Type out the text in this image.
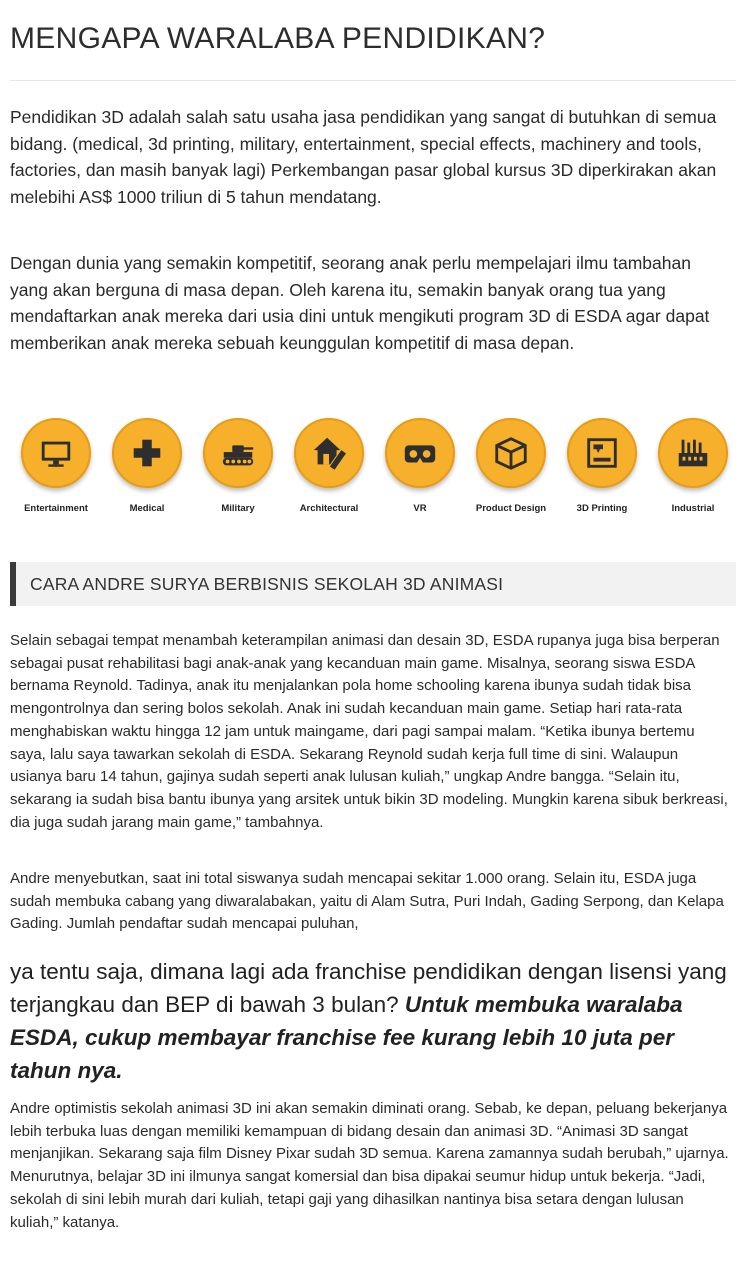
MENGAPA WARALABA PENDIDIKAN?

Pendidikan 3D adalah salah satu usaha jasa pendidikan yang sangat di butuhkan di semua bidang. (medical, 3d printing, military, entertainment, special effects, machinery and tools, factories, dan masih banyak lagi) Perkembangan pasar global kursus 3D diperkirakan akan melebihi AS$ 1000 triliun di 5 tahun mendatang.

Dengan dunia yang semakin kompetitif, seorang anak perlu mempelajari ilmu tambahan yang akan berguna di masa depan. Oleh karena itu, semakin banyak orang tua yang mendaftarkan anak mereka dari usia dini untuk mengikuti program 3D di ESDA agar dapat memberikan anak mereka sebuah keunggulan kompetitif di masa depan.

Entertainment	Medical	Military	Architectural	VR	Product Design	3D Printing	Industrial
CARA ANDRE SURYA BERBISNIS SEKOLAH 3D ANIMASI

Selain sebagai tempat menambah keterampilan animasi dan desain 3D, ESDA rupanya juga bisa berperan sebagai pusat rehabilitasi bagi anak-anak yang kecanduan main game. Misalnya, seorang siswa ESDA bernama Reynold. Tadinya, anak itu menjalankan pola home schooling karena ibunya sudah tidak bisa mengontrolnya dan sering bolos sekolah. Anak ini sudah kecanduan main game. Setiap hari rata-rata menghabiskan waktu hingga 12 jam untuk maingame, dari pagi sampai malam. “Ketika ibunya bertemu saya, lalu saya tawarkan sekolah di ESDA. Sekarang Reynold sudah kerja full time di sini. Walaupun usianya baru 14 tahun, gajinya sudah seperti anak lulusan kuliah,” ungkap Andre bangga. “Selain itu, sekarang ia sudah bisa bantu ibunya yang arsitek untuk bikin 3D modeling. Mungkin karena sibuk berkreasi, dia juga sudah jarang main game,” tambahnya.

Andre menyebutkan, saat ini total siswanya sudah mencapai sekitar 1.000 orang. Selain itu, ESDA juga sudah membuka cabang yang diwaralabakan, yaitu di Alam Sutra, Puri Indah, Gading Serpong, dan Kelapa Gading. Jumlah pendaftar sudah mencapai puluhan,

ya tentu saja, dimana lagi ada franchise pendidikan dengan lisensi yang terjangkau dan BEP di bawah 3 bulan? Untuk membuka waralaba ESDA, cukup membayar franchise fee kurang lebih 10 juta per tahun nya.

Andre optimistis sekolah animasi 3D ini akan semakin diminati orang. Sebab, ke depan, peluang bekerjanya lebih terbuka luas dengan memiliki kemampuan di bidang desain dan animasi 3D. “Animasi 3D sangat menjanjikan. Sekarang saja film Disney Pixar sudah 3D semua. Karena zamannya sudah berubah,” ujarnya. Menurutnya, belajar 3D ini ilmunya sangat komersial dan bisa dipakai seumur hidup untuk bekerja. “Jadi, sekolah di sini lebih murah dari kuliah, tetapi gaji yang dihasilkan nantinya bisa setara dengan lulusan kuliah,” katanya.
